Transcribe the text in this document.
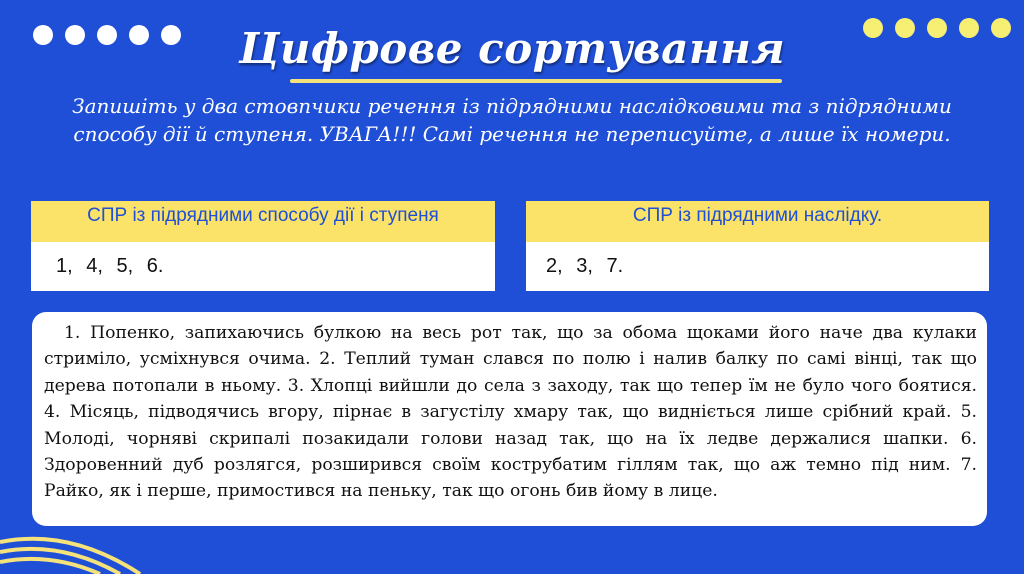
Цифрове сортування
Запишіть у два стовпчики речення із підрядними наслідковими та з підрядними способу дії й ступеня. УВАГА!!! Самі речення не переписуйте, а лише їх номери.
СПР із підрядними способу дії і ступеня
1, 4, 5, 6.
СПР із підрядними наслідку.
2, 3, 7.

1. Попенко, запихаючись булкою на весь рот так, що за обома щоками його наче два кулаки стриміло, усміхнувся очима. 2. Теплий туман слався по полю і налив балку по самі вінці, так що дерева потопали в ньому. 3. Хлопці вийшли до села з заходу, так що тепер їм не було чого боятися. 4. Місяць, підводячись вгору, пірнає в загустілу хмару так, що видніється лише срібний край. 5. Молоді, чорняві скрипалі позакидали голови назад так, що на їх ледве держалися шапки. 6. Здоровенний дуб розлягся, розширився своїм кострубатим гіллям так, що аж темно під ним. 7. Райко, як і перше, примостився на пеньку, так що огонь бив йому в лице.
